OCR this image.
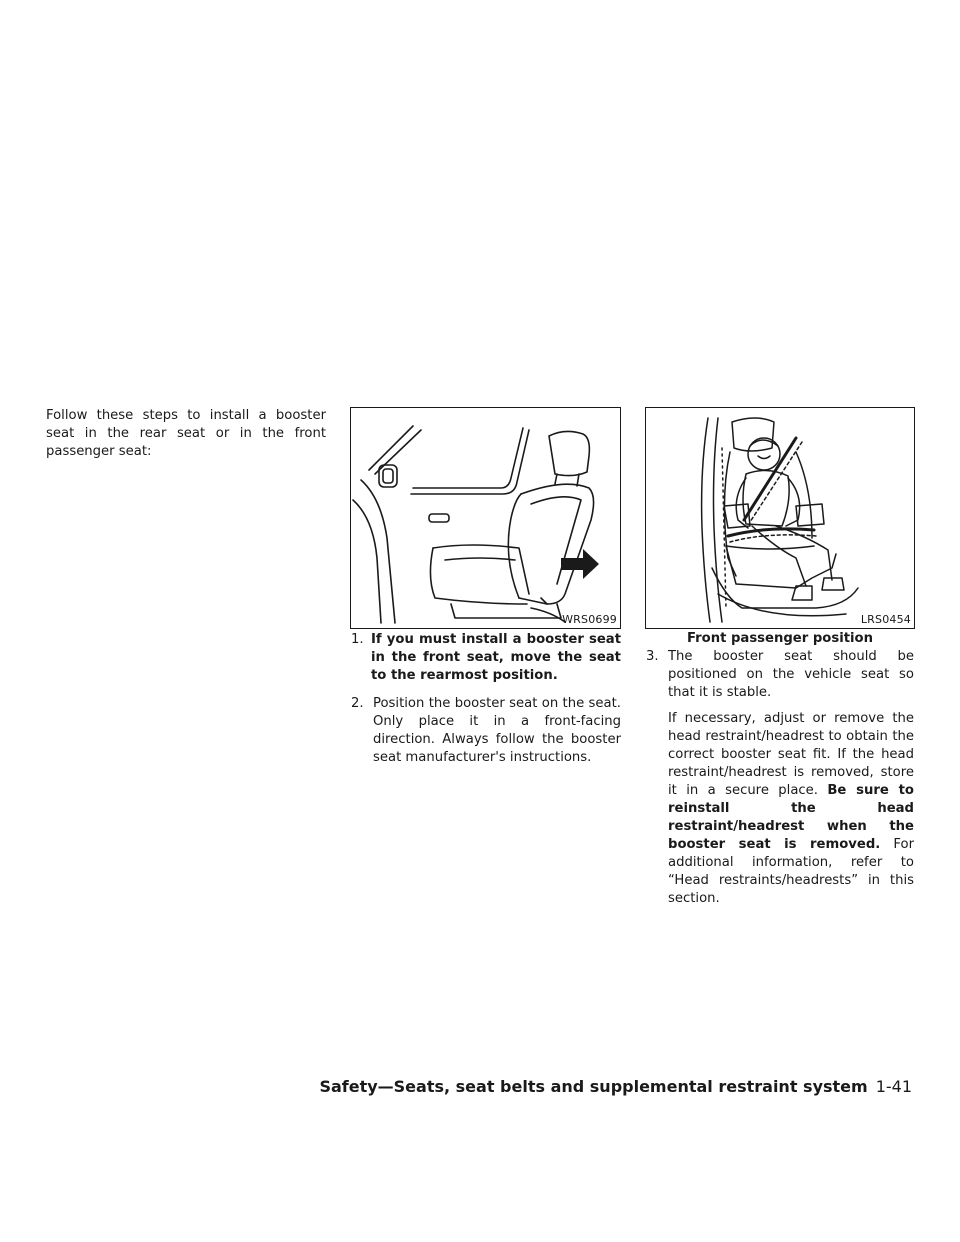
Follow these steps to install a booster seat in the rear seat or in the front passenger seat:

WRS0699	LRS0454
Front passenger position
1. If you must install a booster seat in the front seat, move the seat to the rearmost position.
2. Position the booster seat on the seat. Only place it in a front-facing direction. Always follow the booster seat manufacturer's instructions.
3. The booster seat should be positioned on the vehicle seat so that it is stable.

If necessary, adjust or remove the head restraint/headrest to obtain the correct booster seat fit. If the head restraint/headrest is removed, store it in a secure place. Be sure to reinstall the head restraint/headrest when the booster seat is removed. For additional information, refer to “Head restraints/headrests” in this section.

Safety—Seats, seat belts and supplemental restraint system 1-41
